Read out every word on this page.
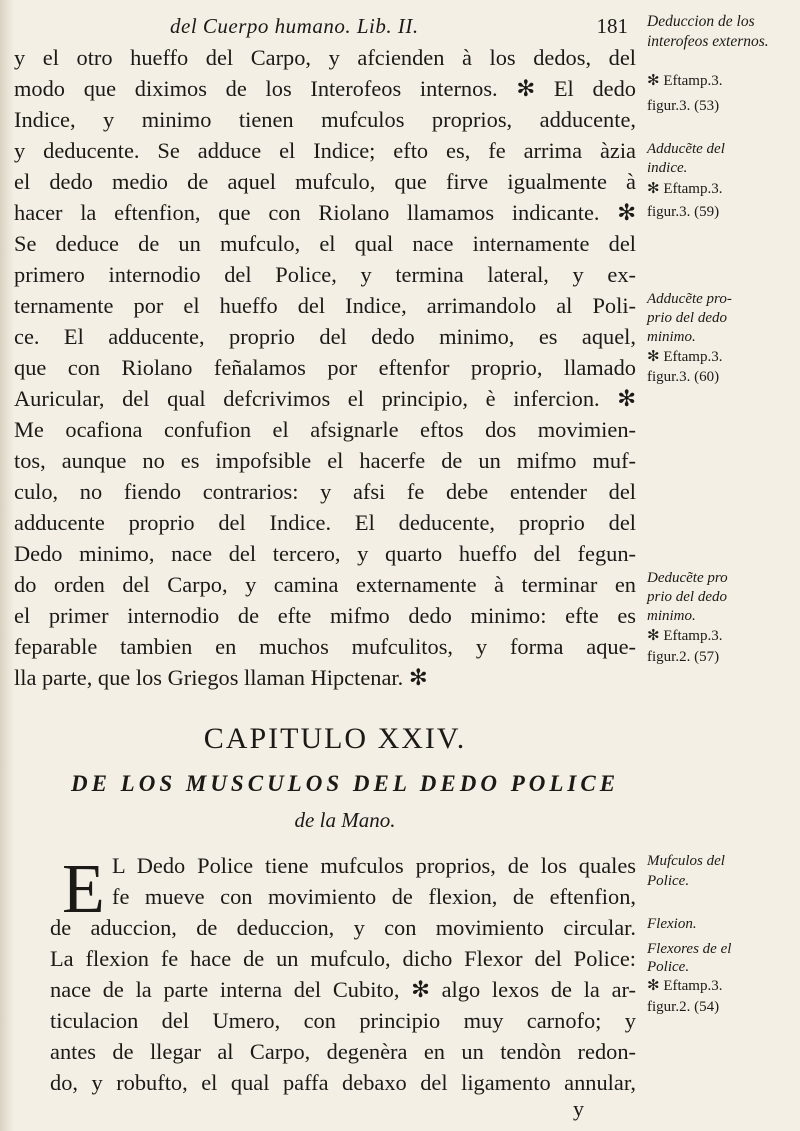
del Cuerpo humano. Lib. II.	181 Deduccion de los interofeos externos.
y el otro hueffo del Carpo, y afcienden à los dedos, del
modo que diximos de los Interofeos internos. ✻ El dedo
Indice, y minimo tienen mufculos proprios, adducente,
y deducente. Se adduce el Indice; efto es, fe arrima àzia
el dedo medio de aquel mufculo, que firve igualmente à
hacer la eftenfion, que con Riolano llamamos indicante. ✻
Se deduce de un mufculo, el qual nace internamente del
primero internodio del Police, y termina lateral, y ex-
ternamente por el hueffo del Indice, arrimandolo al Poli-
ce. El adducente, proprio del dedo minimo, es aquel,
que con Riolano feñalamos por eftenfor proprio, llamado
Auricular, del qual defcrivimos el principio, è infercion. ✻
Me ocafiona confufion el afsignarle eftos dos movimien-
tos, aunque no es impofsible el hacerfe de un mifmo muf-
culo, no fiendo contrarios: y afsi fe debe entender del
adducente proprio del Indice. El deducente, proprio del
Dedo minimo, nace del tercero, y quarto hueffo del fegun-
do orden del Carpo, y camina externamente à terminar en
el primer internodio de efte mifmo dedo minimo: efte es
feparable tambien en muchos mufculitos, y forma aque-
lla parte, que los Griegos llaman Hipctenar. ✻
✻ Eftamp.3.
figur.3. (53)
Adducẽte del
indice.
✻ Eftamp.3.
figur.3. (59)
Adducẽte pro-
prio del dedo
minimo.
✻ Eftamp.3.
figur.3. (60)
Deducẽte pro
prio del dedo
minimo.
✻ Eftamp.3.
figur.2. (57)
CAPITULO XXIV.
DE LOS MUSCULOS DEL DEDO POLICE
de la Mano.
E L Dedo Police tiene mufculos proprios, de los quales
fe mueve con movimiento de flexion, de eftenfion,
de aduccion, de deduccion, y con movimiento circular.
La flexion fe hace de un mufculo, dicho Flexor del Police:
nace de la parte interna del Cubito, ✻ algo lexos de la ar-
ticulacion del Umero, con principio muy carnofo; y
antes de llegar al Carpo, degenèra en un tendòn redon-
do, y robufto, el qual paffa debaxo del ligamento annular,
y
Mufculos del
Police.
Flexion.
Flexores de el
Police.
✻ Eftamp.3.
figur.2. (54)
